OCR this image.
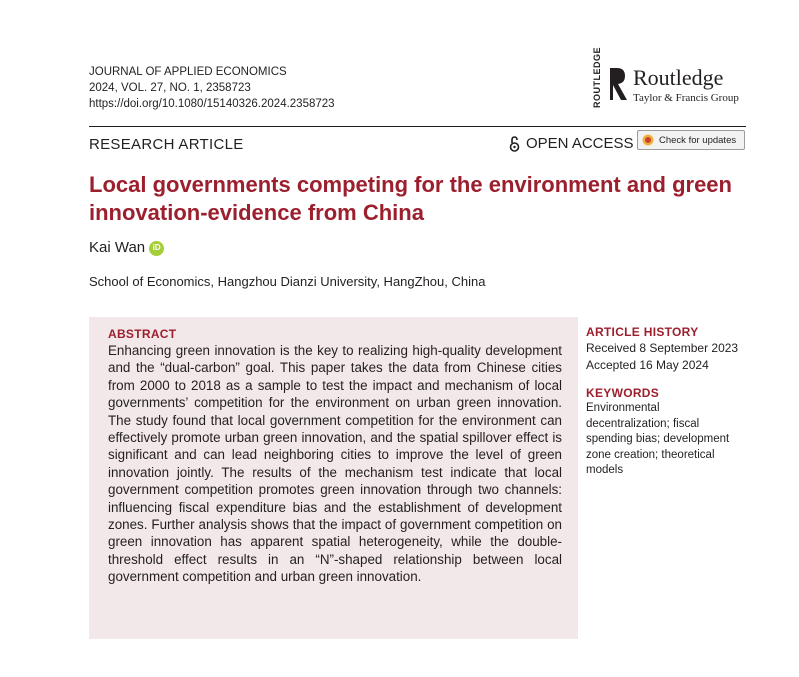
JOURNAL OF APPLIED ECONOMICS
2024, VOL. 27, NO. 1, 2358723
https://doi.org/10.1080/15140326.2024.2358723	ROUTLEDGE Routledge
Taylor & Francis Group
RESEARCH ARTICLE	OPEN ACCESS	Check for updates
Local governments competing for the environment and green innovation-evidence from China
Kai Wan iD
School of Economics, Hangzhou Dianzi University, HangZhou, China
ABSTRACT
Enhancing green innovation is the key to realizing high-quality development and the “dual-carbon” goal. This paper takes the data from Chinese cities from 2000 to 2018 as a sample to test the impact and mechanism of local governments’ competition for the environment on urban green innovation. The study found that local government competition for the environment can effectively promote urban green innovation, and the spatial spillover effect is significant and can lead neighboring cities to improve the level of green innovation jointly. The results of the mechanism test indicate that local government competition promotes green innovation through two channels: influencing fiscal expenditure bias and the establishment of development zones. Further analysis shows that the impact of government competition on green innovation has apparent spatial heterogeneity, while the double-threshold effect results in an “N”-shaped relationship between local government competition and urban green innovation.
ARTICLE HISTORY
Received 8 September 2023
Accepted 16 May 2024
KEYWORDS
Environmental decentralization; fiscal spending bias; development zone creation; theoretical models
